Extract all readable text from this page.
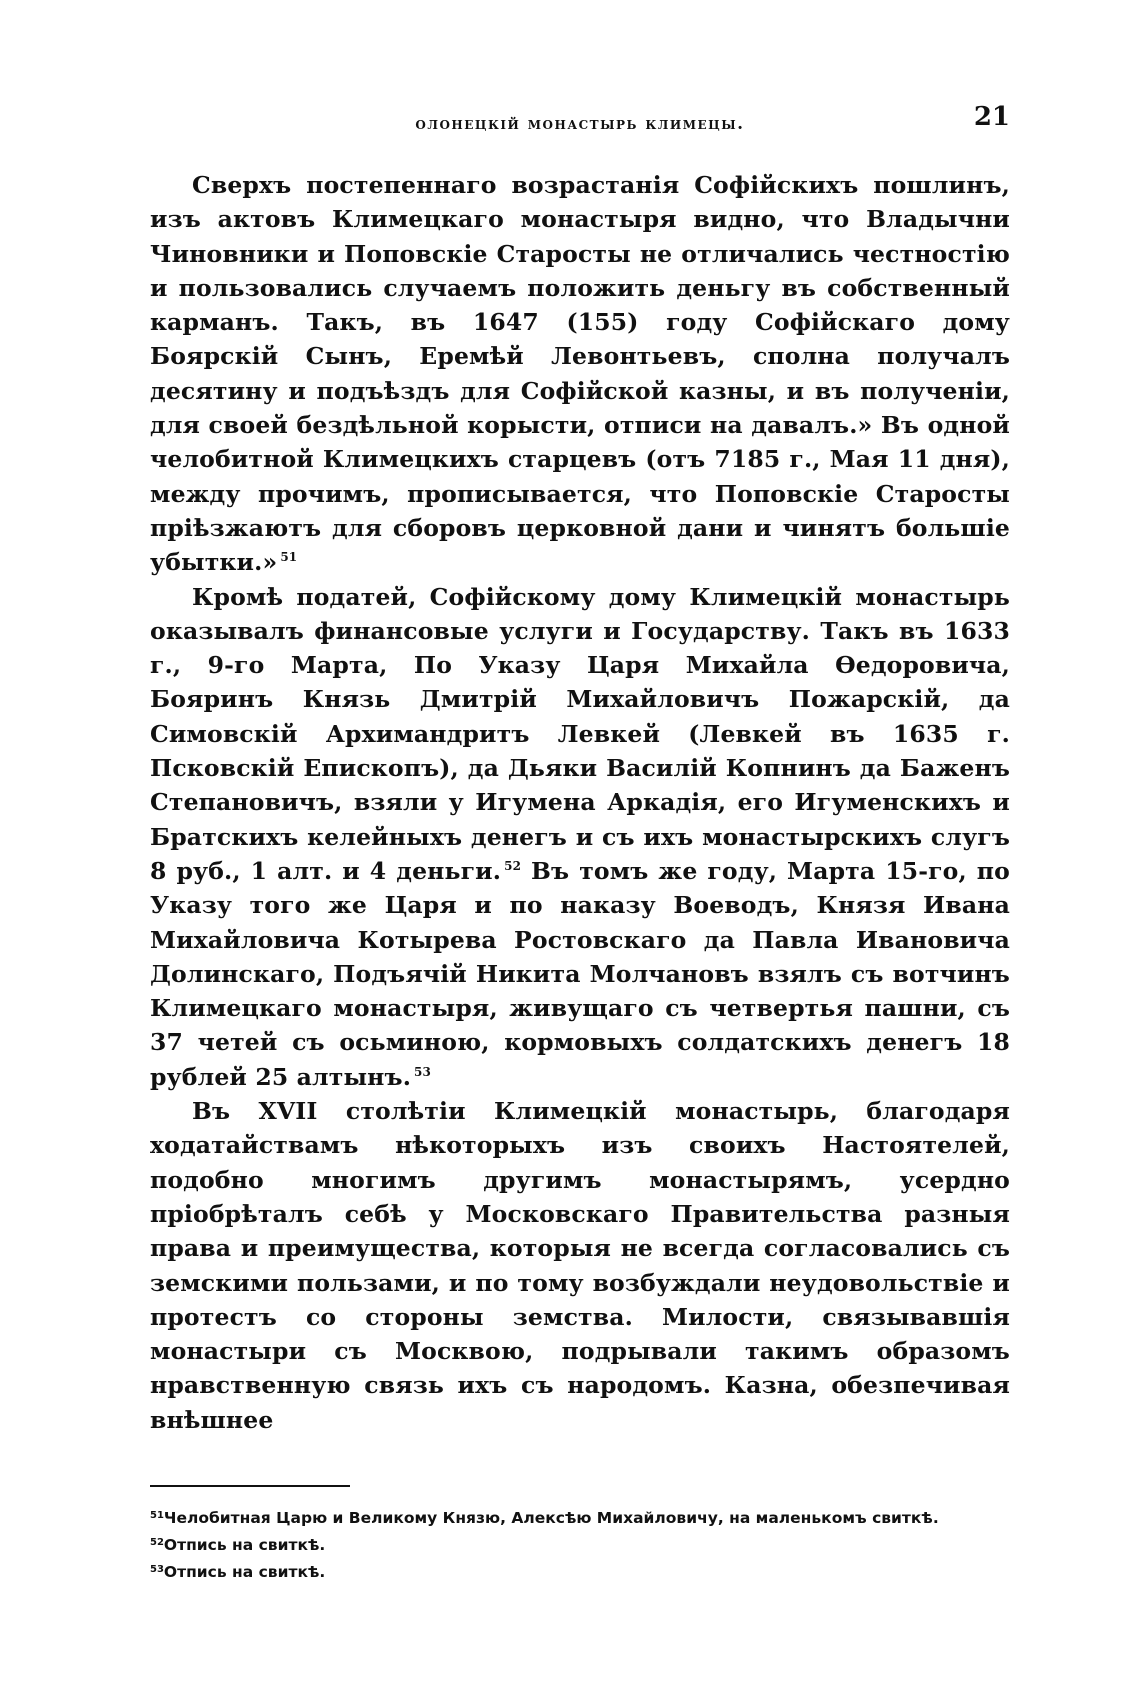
олонецкій монастырь климецы.	21

Сверхъ постепеннаго возрастанія Софійскихъ пошлинъ, изъ актовъ Климецкаго монастыря видно, что Владычни Чиновники и Поповскіе Старосты не отличались честностію и пользовались случаемъ положить деньгу въ собственный карманъ. Такъ, въ 1647 (155) году Софійскаго дому Боярскій Сынъ, Еремѣй Левонтьевъ, сполна получалъ десятину и подъѣздъ для Софійской казны, и въ полученіи, для своей бездѣльной корысти, отписи на давалъ.» Въ одной челобитной Климецкихъ старцевъ (отъ 7185 г., Мая 11 дня), между прочимъ, прописывается, что Поповскіе Старосты пріѣзжаютъ для сборовъ церковной дани и чинятъ большіе убытки.» $^{51}$

Кромѣ податей, Софійскому дому Климецкій монастырь оказывалъ финансовые услуги и Государству. Такъ въ 1633 г., 9-го Марта, По Указу Царя Михайла Ѳедоровича, Бояринъ Князь Дмитрій Михайловичъ Пожарскій, да Симовскій Архимандритъ Левкей (Левкей въ 1635 г. Псковскій Епископъ), да Дьяки Василій Копнинъ да Баженъ Степановичъ, взяли у Игумена Аркадія, его Игуменскихъ и Братскихъ келейныхъ денегъ и съ ихъ монастырскихъ слугъ 8 руб., 1 алт. и 4 деньги. $^{52}$ Въ томъ же году, Марта 15-го, по Указу того же Царя и по наказу Воеводъ, Князя Ивана Михайловича Котырева Ростовскаго да Павла Ивановича Долинскаго, Подъячій Никита Молчановъ взялъ съ вотчинъ Климецкаго монастыря, живущаго съ четвертья пашни, съ 37 четей съ осьминою, кормовыхъ солдатскихъ денегъ 18 рублей 25 алтынъ. $^{53}$

Въ XVII столѣтіи Климецкій монастырь, благодаря ходатайствамъ нѣкоторыхъ изъ своихъ Настоятелей, подобно многимъ другимъ монастырямъ, усердно пріобрѣталъ себѣ у Московскаго Правительства разныя права и преимущества, которыя не всегда согласовались съ земскими пользами, и по тому возбуждали неудовольствіе и протестъ со стороны земства. Милости, связывавшія монастыри съ Москвою, подрывали такимъ образомъ нравственную связь ихъ съ народомъ. Казна, обезпечивая внѣшнее

51 Челобитная Царю и Великому Князю, Алексѣю Михайловичу, на маленькомъ свиткѣ.
52 Отпись на свиткѣ.
53 Отпись на свиткѣ.
